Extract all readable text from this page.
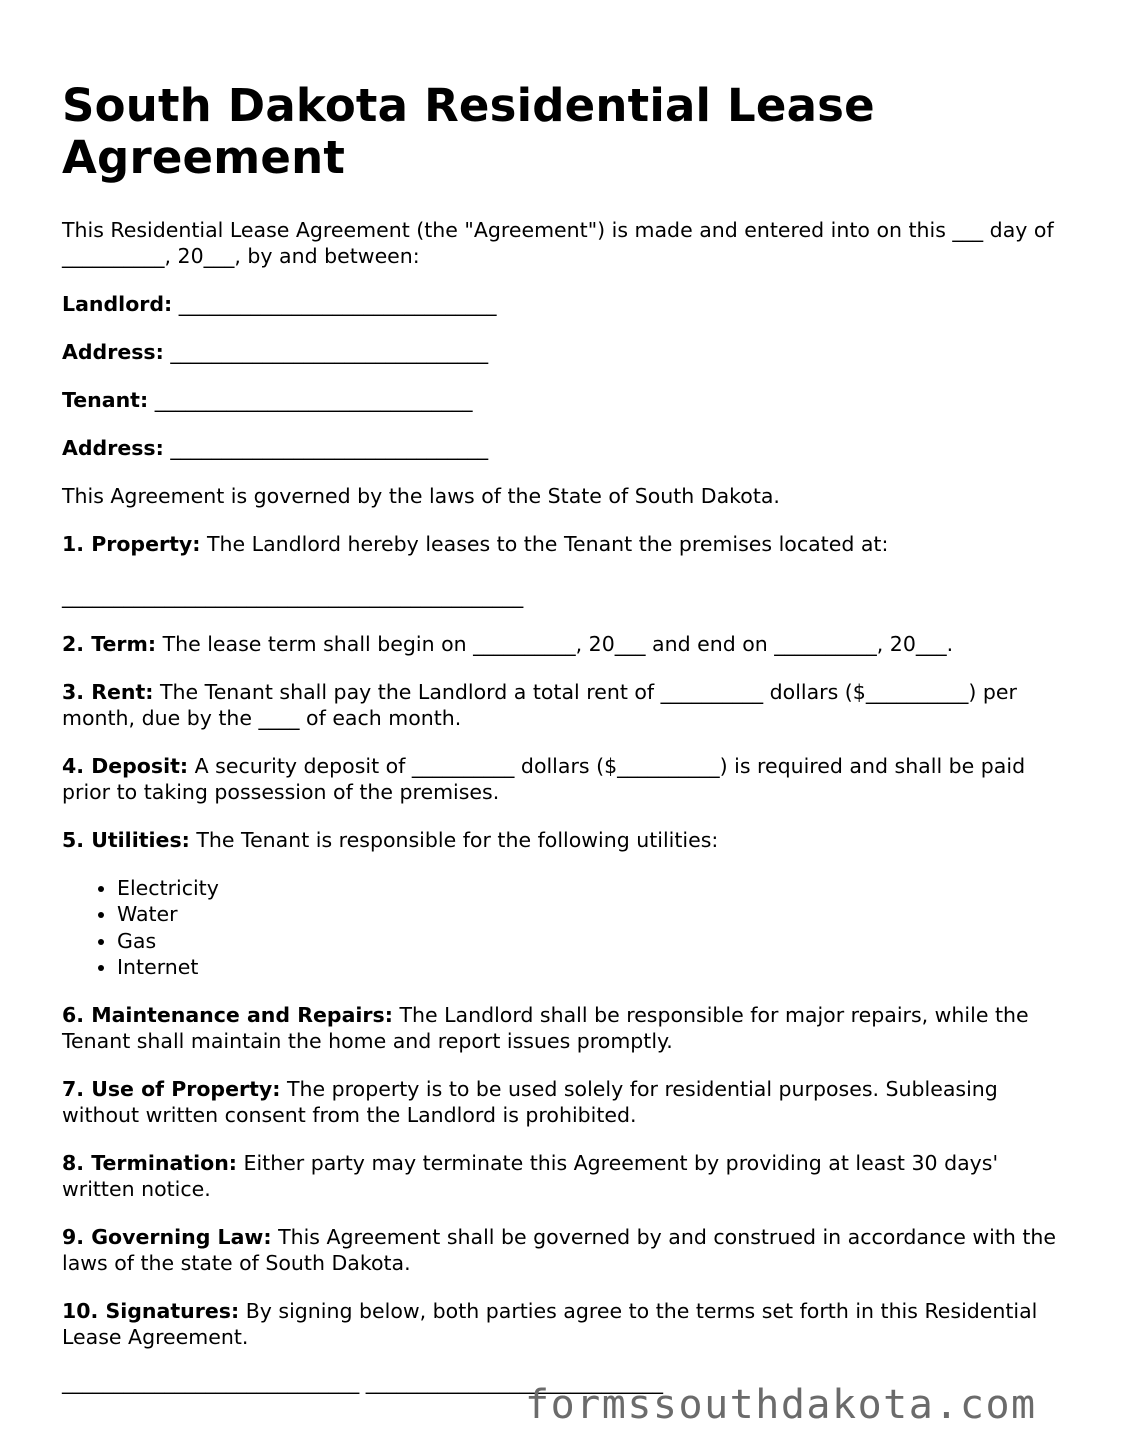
South Dakota Residential Lease Agreement

This Residential Lease Agreement (the "Agreement") is made and entered into on this ___ day of __________, 20___, by and between:

Landlord: _______________________________

Address: _______________________________

Tenant: _______________________________

Address: _______________________________

This Agreement is governed by the laws of the State of South Dakota.

1. Property: The Landlord hereby leases to the Tenant the premises located at:

_____________________________________________

2. Term: The lease term shall begin on __________, 20___ and end on __________, 20___.

3. Rent: The Tenant shall pay the Landlord a total rent of __________ dollars ($__________) per month, due by the ____ of each month.

4. Deposit: A security deposit of __________ dollars ($__________) is required and shall be paid prior to taking possession of the premises.

5. Utilities: The Tenant is responsible for the following utilities:

• Electricity
• Water
• Gas
• Internet

6. Maintenance and Repairs: The Landlord shall be responsible for major repairs, while the Tenant shall maintain the home and report issues promptly.

7. Use of Property: The property is to be used solely for residential purposes. Subleasing without written consent from the Landlord is prohibited.

8. Termination: Either party may terminate this Agreement by providing at least 30 days' written notice.

9. Governing Law: This Agreement shall be governed by and construed in accordance with the laws of the state of South Dakota.

10. Signatures: By signing below, both parties agree to the terms set forth in this Residential Lease Agreement.

_____________________________ _____________________________
formssouthdakota.com
